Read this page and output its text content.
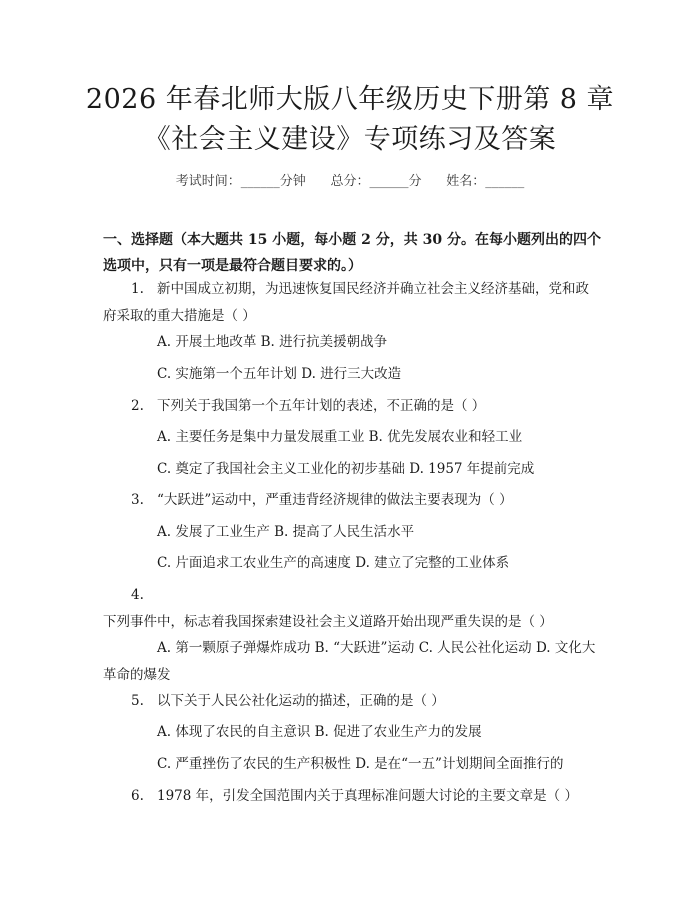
2026 年春北师大版八年级历史下册第 8 章
《社会主义建设》专项练习及答案
考试时间：______分钟      总分：______分      姓名：______
一、选择题（本大题共 15 小题，每小题 2 分，共 30 分。在每小题列出的四个选项中，只有一项是最符合题目要求的。）
1. 新中国成立初期，为迅速恢复国民经济并确立社会主义经济基础，党和政府采取的重大措施是（ ）
A. 开展土地改革 B. 进行抗美援朝战争
C. 实施第一个五年计划 D. 进行三大改造
2. 下列关于我国第一个五年计划的表述，不正确的是（ ）
A. 主要任务是集中力量发展重工业 B. 优先发展农业和轻工业
C. 奠定了我国社会主义工业化的初步基础 D. 1957 年提前完成
3. “大跃进”运动中，严重违背经济规律的做法主要表现为（ ）
A. 发展了工业生产 B. 提高了人民生活水平
C. 片面追求工农业生产的高速度 D. 建立了完整的工业体系
4.下列事件中，标志着我国探索建设社会主义道路开始出现严重失误的是（ ）
A. 第一颗原子弹爆炸成功 B. “大跃进”运动 C. 人民公社化运动 D. 文化大革命的爆发
5. 以下关于人民公社化运动的描述，正确的是（ ）
A. 体现了农民的自主意识 B. 促进了农业生产力的发展
C. 严重挫伤了农民的生产积极性 D. 是在“一五”计划期间全面推行的
6. 1978 年，引发全国范围内关于真理标准问题大讨论的主要文章是（ ）
